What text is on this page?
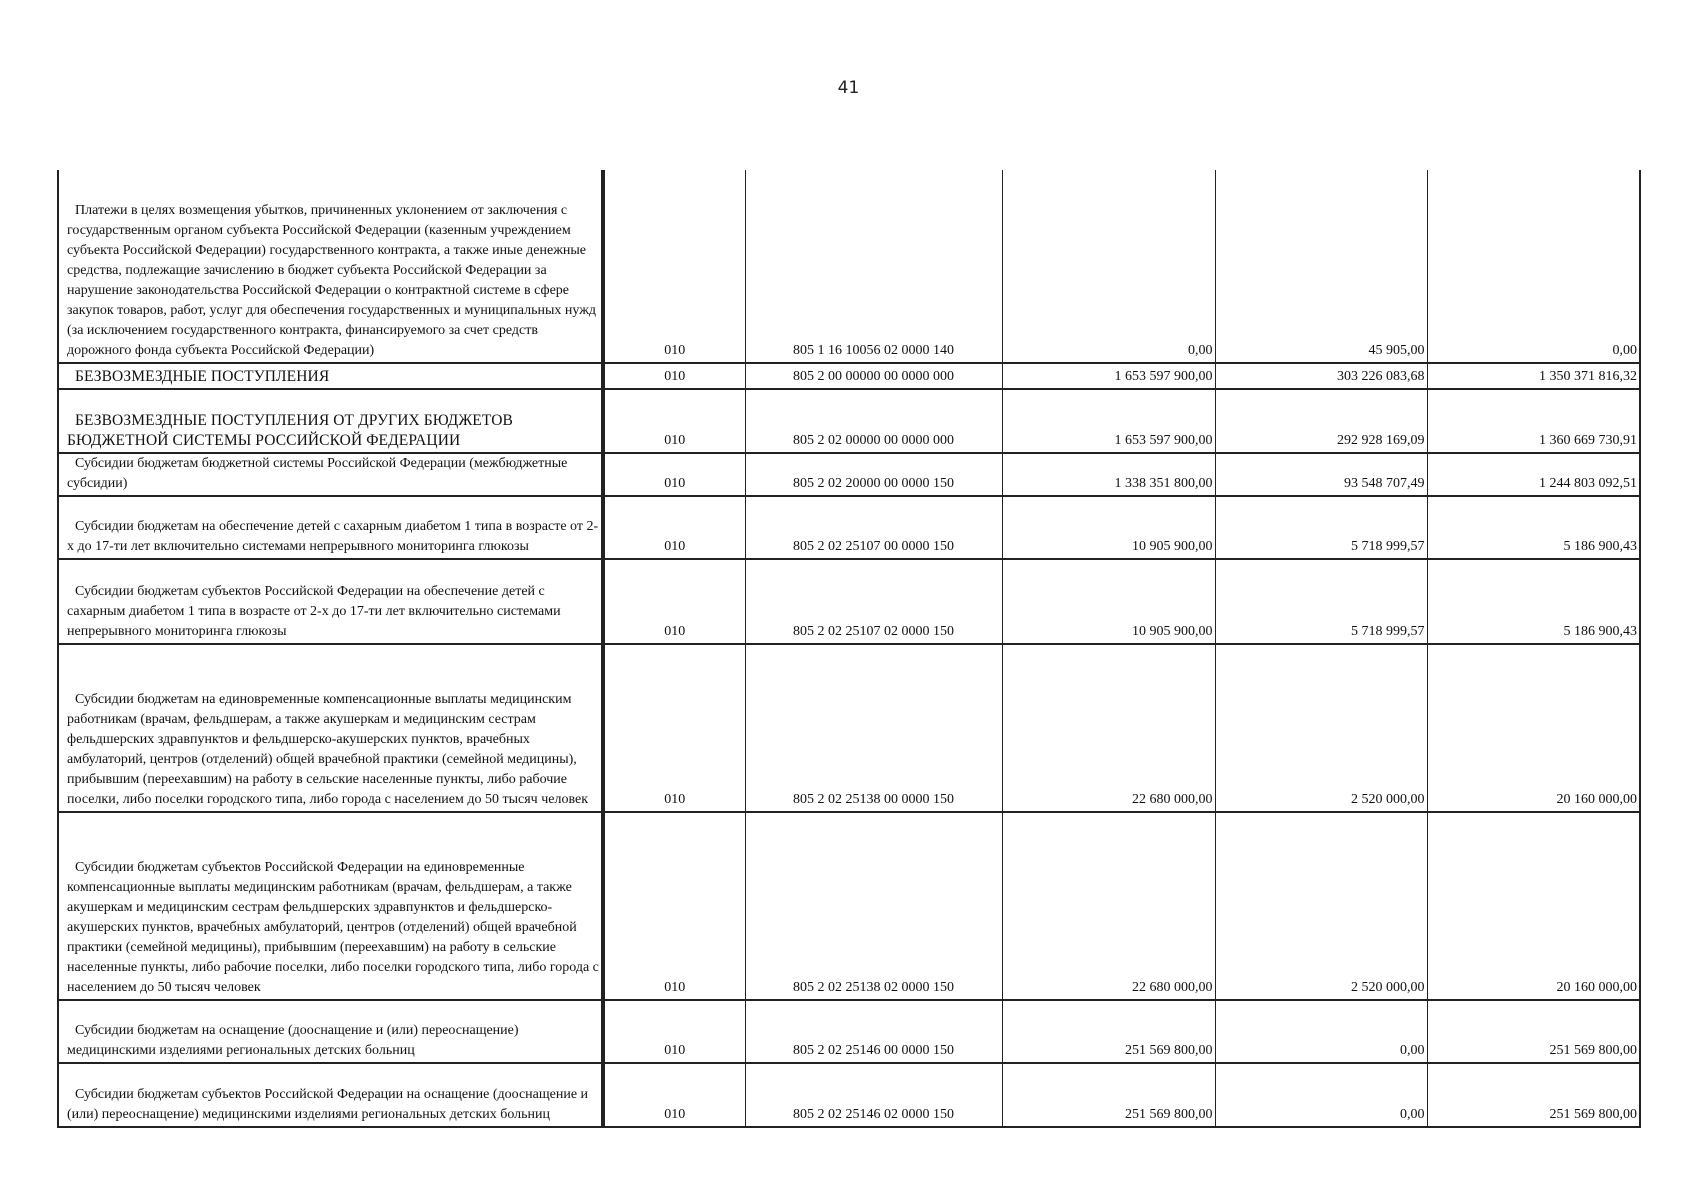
41
Платежи в целях возмещения убытков, причиненных уклонением от заключения с государственным органом субъекта Российской Федерации (казенным учреждением субъекта Российской Федерации) государственного контракта, а также иные денежные средства, подлежащие зачислению в бюджет субъекта Российской Федерации за нарушение законодательства Российской Федерации о контрактной системе в сфере закупок товаров, работ, услуг для обеспечения государственных и муниципальных нужд (за исключением государственного контракта, финансируемого за счет средств дорожного фонда субъекта Российской Федерации)	010	805 1 16 10056 02 0000 140	0,00	45 905,00	0,00

БЕЗВОЗМЕЗДНЫЕ ПОСТУПЛЕНИЯ	010	805 2 00 00000 00 0000 000	1 653 597 900,00	303 226 083,68	1 350 371 816,32

БЕЗВОЗМЕЗДНЫЕ ПОСТУПЛЕНИЯ ОТ ДРУГИХ БЮДЖЕТОВ БЮДЖЕТНОЙ СИСТЕМЫ РОССИЙСКОЙ ФЕДЕРАЦИИ	010	805 2 02 00000 00 0000 000	1 653 597 900,00	292 928 169,09	1 360 669 730,91

Субсидии бюджетам бюджетной системы Российской Федерации (межбюджетные субсидии)	010	805 2 02 20000 00 0000 150	1 338 351 800,00	93 548 707,49	1 244 803 092,51

Субсидии бюджетам на обеспечение детей с сахарным диабетом 1 типа в возрасте от 2-х до 17-ти лет включительно системами непрерывного мониторинга глюкозы	010	805 2 02 25107 00 0000 150	10 905 900,00	5 718 999,57	5 186 900,43

Субсидии бюджетам субъектов Российской Федерации на обеспечение детей с сахарным диабетом 1 типа в возрасте от 2-х до 17-ти лет включительно системами непрерывного мониторинга глюкозы	010	805 2 02 25107 02 0000 150	10 905 900,00	5 718 999,57	5 186 900,43

Субсидии бюджетам на единовременные компенсационные выплаты медицинским работникам (врачам, фельдшерам, а также акушеркам и медицинским сестрам фельдшерских здравпунктов и фельдшерско-акушерских пунктов, врачебных амбулаторий, центров (отделений) общей врачебной практики (семейной медицины), прибывшим (переехавшим) на работу в сельские населенные пункты, либо рабочие поселки, либо поселки городского типа, либо города с населением до 50 тысяч человек	010	805 2 02 25138 00 0000 150	22 680 000,00	2 520 000,00	20 160 000,00

Субсидии бюджетам субъектов Российской Федерации на единовременные компенсационные выплаты медицинским работникам (врачам, фельдшерам, а также акушеркам и медицинским сестрам фельдшерских здравпунктов и фельдшерско-акушерских пунктов, врачебных амбулаторий, центров (отделений) общей врачебной практики (семейной медицины), прибывшим (переехавшим) на работу в сельские населенные пункты, либо рабочие поселки, либо поселки городского типа, либо города с населением до 50 тысяч человек	010	805 2 02 25138 02 0000 150	22 680 000,00	2 520 000,00	20 160 000,00

Субсидии бюджетам на оснащение (дооснащение и (или) переоснащение) медицинскими изделиями региональных детских больниц	010	805 2 02 25146 00 0000 150	251 569 800,00	0,00	251 569 800,00

Субсидии бюджетам субъектов Российской Федерации на оснащение (дооснащение и (или) переоснащение) медицинскими изделиями региональных детских больниц	010	805 2 02 25146 02 0000 150	251 569 800,00	0,00	251 569 800,00
